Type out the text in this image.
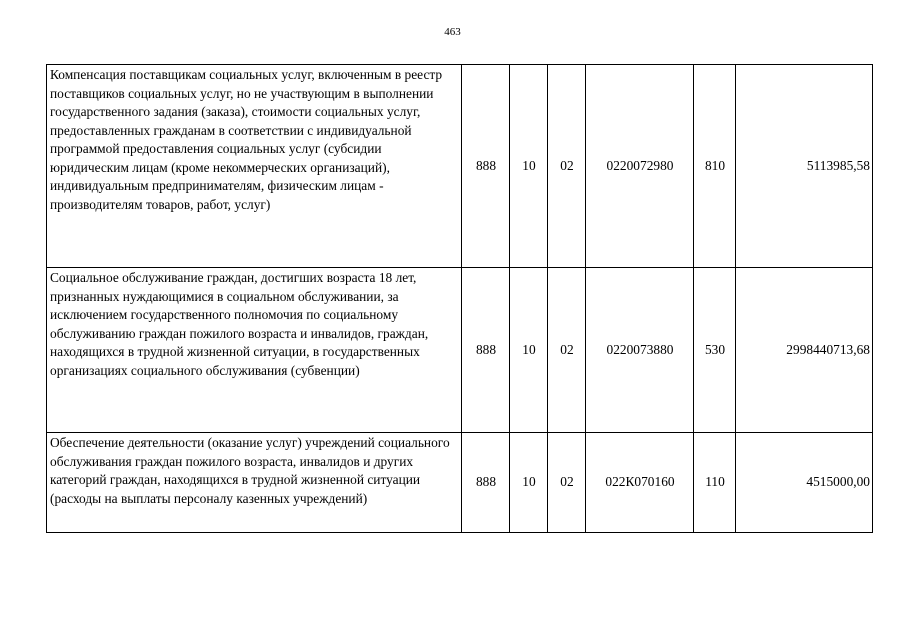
463
Компенсация поставщикам социальных услуг, включенным в реестр поставщиков социальных услуг, но не участвующим в выполнении государственного задания (заказа), стоимости социальных услуг, предоставленных гражданам в соответствии с индивидуальной программой предоставления социальных услуг (субсидии юридическим лицам (кроме некоммерческих организаций), индивидуальным предпринимателям, физическим лицам - производителям товаров, работ, услуг)	888	10	02	0220072980	810	5113985,58
Социальное обслуживание граждан, достигших возраста 18 лет, признанных нуждающимися в социальном обслуживании, за исключением государственного полномочия по социальному обслуживанию граждан пожилого возраста и инвалидов, граждан, находящихся в трудной жизненной ситуации, в государственных организациях социального обслуживания (субвенции)	888	10	02	0220073880	530	2998440713,68
Обеспечение деятельности (оказание услуг) учреждений социального обслуживания граждан пожилого возраста, инвалидов и других категорий граждан, находящихся в трудной жизненной ситуации (расходы на выплаты персоналу казенных учреждений)	888	10	02	022К070160	110	4515000,00
